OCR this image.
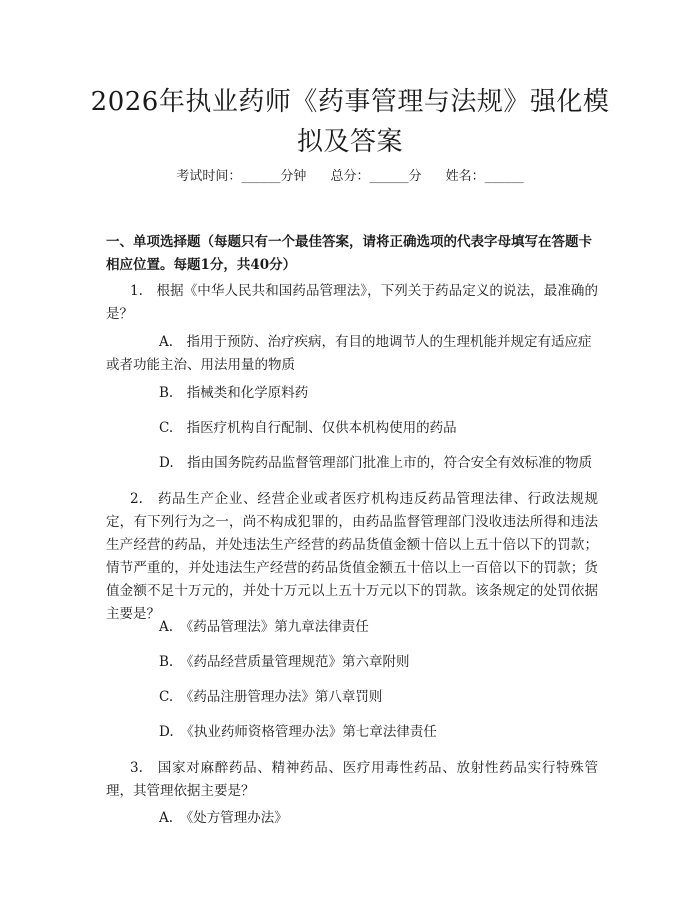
2026年执业药师《药事管理与法规》强化模拟及答案
考试时间：______分钟 总分：______分 姓名：______
一、单项选择题（每题只有一个最佳答案，请将正确选项的代表字母填写在答题卡相应位置。每题1分，共40分）
1.　根据《中华人民共和国药品管理法》，下列关于药品定义的说法，最准确的是？
A.　指用于预防、治疗疾病，有目的地调节人的生理机能并规定有适应症或者功能主治、用法用量的物质
B.　指械类和化学原料药
C.　指医疗机构自行配制、仅供本机构使用的药品
D.　指由国务院药品监督管理部门批准上市的，符合安全有效标准的物质
2.　药品生产企业、经营企业或者医疗机构违反药品管理法律、行政法规规定，有下列行为之一，尚不构成犯罪的，由药品监督管理部门没收违法所得和违法生产经营的药品，并处违法生产经营的药品货值金额十倍以上五十倍以下的罚款；情节严重的，并处违法生产经营的药品货值金额五十倍以上一百倍以下的罚款；货值金额不足十万元的，并处十万元以上五十万元以下的罚款。该条规定的处罚依据主要是？
A.　《药品管理法》第九章法律责任
B.　《药品经营质量管理规范》第六章附则
C.　《药品注册管理办法》第八章罚则
D.　《执业药师资格管理办法》第七章法律责任
3.　国家对麻醉药品、精神药品、医疗用毒性药品、放射性药品实行特殊管理，其管理依据主要是？
A.　《处方管理办法》
